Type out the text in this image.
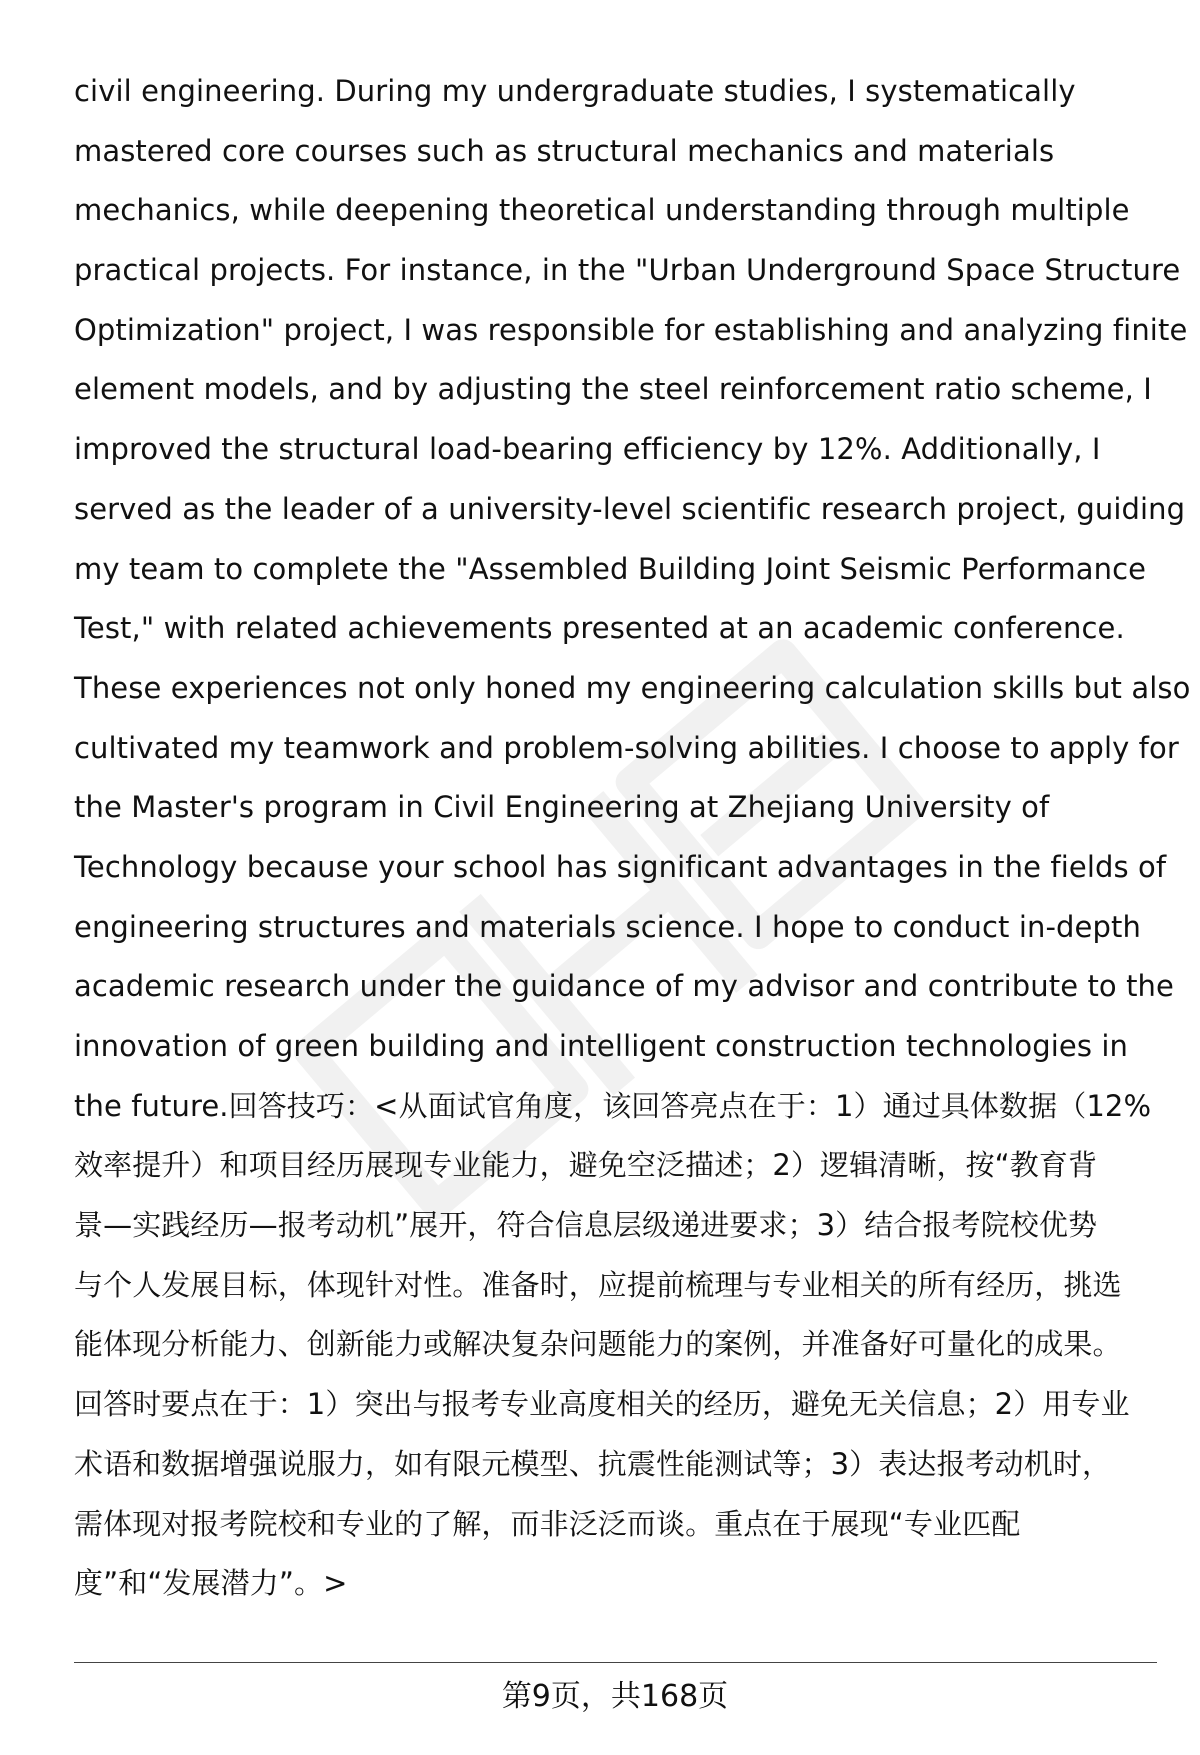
civil engineering. During my undergraduate studies, I systematically
mastered core courses such as structural mechanics and materials
mechanics, while deepening theoretical understanding through multiple
practical projects. For instance, in the "Urban Underground Space Structure
Optimization" project, I was responsible for establishing and analyzing finite
element models, and by adjusting the steel reinforcement ratio scheme, I
improved the structural load-bearing efficiency by 12%. Additionally, I
served as the leader of a university-level scientific research project, guiding
my team to complete the "Assembled Building Joint Seismic Performance
Test," with related achievements presented at an academic conference.
These experiences not only honed my engineering calculation skills but also
cultivated my teamwork and problem-solving abilities. I choose to apply for
the Master's program in Civil Engineering at Zhejiang University of
Technology because your school has significant advantages in the fields of
engineering structures and materials science. I hope to conduct in-depth
academic research under the guidance of my advisor and contribute to the
innovation of green building and intelligent construction technologies in
the future.回答技巧：<从面试官角度，该回答亮点在于：1）通过具体数据（12%
效率提升）和项目经历展现专业能力，避免空泛描述；2）逻辑清晰，按“教育背
景—实践经历—报考动机”展开，符合信息层级递进要求；3）结合报考院校优势
与个人发展目标，体现针对性。准备时，应提前梳理与专业相关的所有经历，挑选
能体现分析能力、创新能力或解决复杂问题能力的案例，并准备好可量化的成果。
回答时要点在于：1）突出与报考专业高度相关的经历，避免无关信息；2）用专业
术语和数据增强说服力，如有限元模型、抗震性能测试等；3）表达报考动机时，
需体现对报考院校和专业的了解，而非泛泛而谈。重点在于展现“专业匹配
度”和“发展潜力”。>
第9页，共168页
